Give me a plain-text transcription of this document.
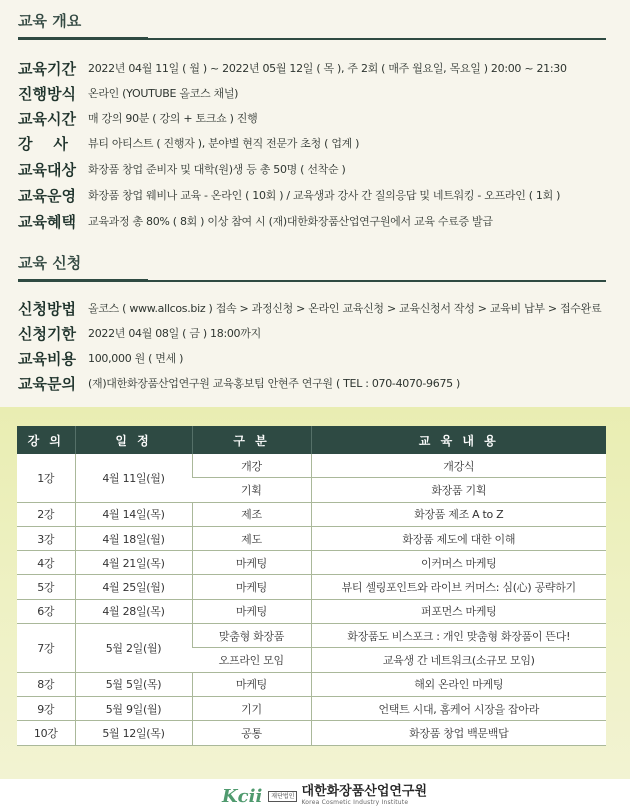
교육 개요
교육기간	2022년 04월 11일 ( 월 ) ~ 2022년 05월 12일 ( 목 ), 주 2회 ( 매주 월요일, 목요일 ) 20:00 ~ 21:30
진행방식	온라인 (YOUTUBE 올코스 채널)
교육시간	매 강의 90분 ( 강의 + 토크쇼 ) 진행
강    사	뷰티 아티스트 ( 진행자 ), 분야별 현직 전문가 초청 ( 업계 )
교육대상	화장품 창업 준비자 및 대학(원)생 등 총 50명 ( 선착순 )
교육운영	화장품 창업 웨비나 교육 - 온라인 ( 10회 ) / 교육생과 강사 간 질의응답 및 네트워킹 - 오프라인 ( 1회 )
교육혜택	교육과정 총 80% ( 8회 ) 이상 참여 시 (재)대한화장품산업연구원에서 교육 수료증 발급
교육 신청
신청방법	올코스 ( www.allcos.biz ) 접속 > 과정신청 > 온라인 교육신청 > 교육신청서 작성 > 교육비 납부 > 접수완료
신청기한	2022년 04월 08일 ( 금 ) 18:00까지
교육비용	100,000 원 ( 면세 )
교육문의	(재)대한화장품산업연구원 교육홍보팀 안현주 연구원 ( TEL : 070-4070-9675 )
강 의	일 정	구 분	교 육 내 용
1강	4월 11일(월)	개강	개강식
		기획	화장품 기획
2강	4월 14일(목)	제조	화장품 제조 A to Z
3강	4월 18일(월)	제도	화장품 제도에 대한 이해
4강	4월 21일(목)	마케팅	이커머스 마케팅
5강	4월 25일(월)	마케팅	뷰티 셀링포인트와 라이브 커머스: 심(心) 공략하기
6강	4월 28일(목)	마케팅	퍼포먼스 마케팅
7강	5월 2일(월)	맞춤형 화장품	화장품도 비스포크 : 개인 맞춤형 화장품이 뜬다!
		오프라인 모임	교육생 간 네트워크(소규모 모임)
8강	5월 5일(목)	마케팅	해외 온라인 마케팅
9강	5월 9일(월)	기기	언택트 시대, 홈케어 시장을 잡아라
10강	5월 12일(목)	공통	화장품 창업 백문백답
Kcii	재단법인 대한화장품산업연구원
Korea Cosmetic Industry Institute
